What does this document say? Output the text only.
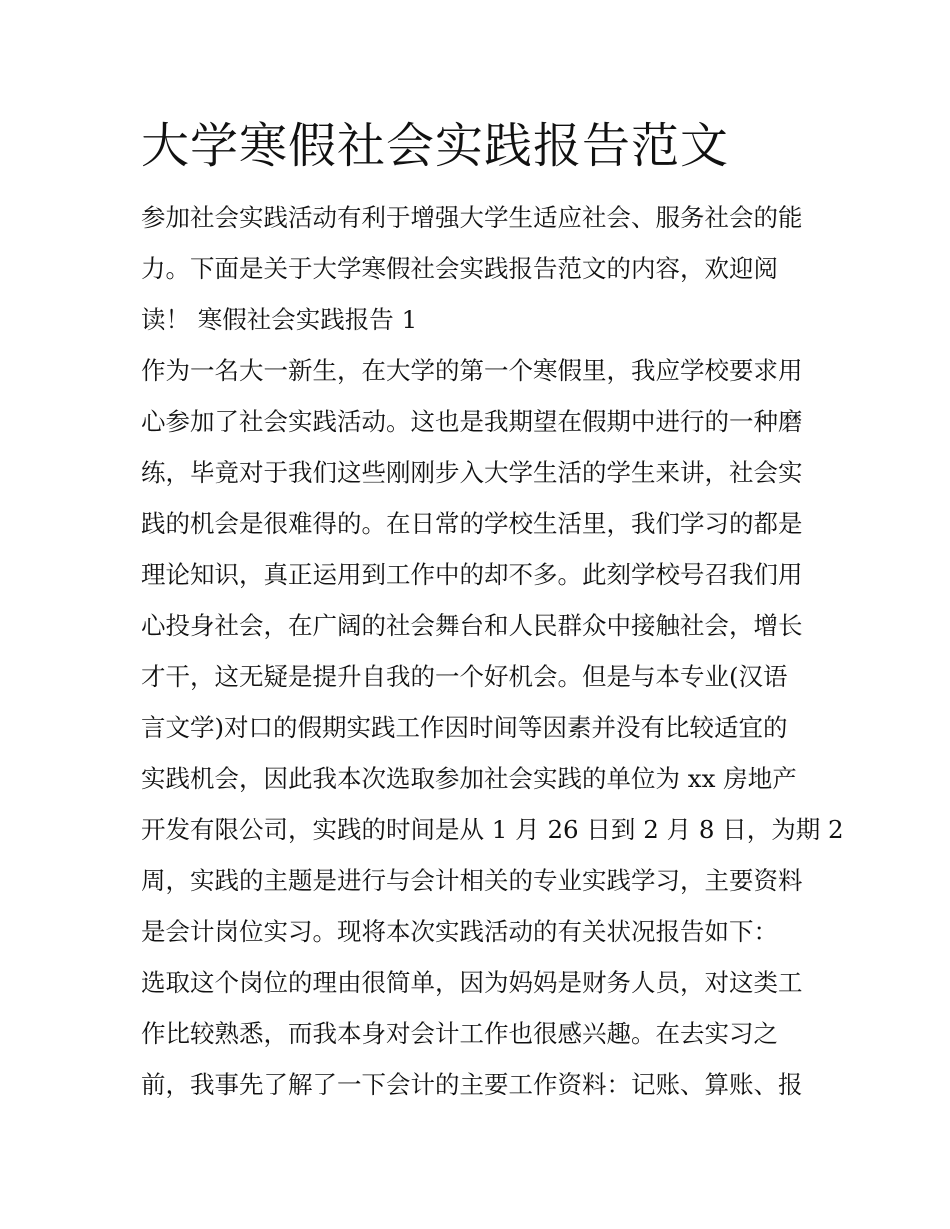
大学寒假社会实践报告范文

参加社会实践活动有利于增强大学生适应社会、服务社会的能
力。下面是关于大学寒假社会实践报告范文的内容，欢迎阅
读！ 寒假社会实践报告 1

作为一名大一新生，在大学的第一个寒假里，我应学校要求用
心参加了社会实践活动。这也是我期望在假期中进行的一种磨
练，毕竟对于我们这些刚刚步入大学生活的学生来讲，社会实
践的机会是很难得的。在日常的学校生活里，我们学习的都是
理论知识，真正运用到工作中的却不多。此刻学校号召我们用
心投身社会，在广阔的社会舞台和人民群众中接触社会，增长
才干，这无疑是提升自我的一个好机会。但是与本专业(汉语
言文学)对口的假期实践工作因时间等因素并没有比较适宜的
实践机会，因此我本次选取参加社会实践的单位为 xx 房地产
开发有限公司，实践的时间是从 1 月 26 日到 2 月 8 日，为期 2
周，实践的主题是进行与会计相关的专业实践学习，主要资料
是会计岗位实习。现将本次实践活动的有关状况报告如下：

选取这个岗位的理由很简单，因为妈妈是财务人员，对这类工
作比较熟悉，而我本身对会计工作也很感兴趣。在去实习之
前，我事先了解了一下会计的主要工作资料：记账、算账、报
